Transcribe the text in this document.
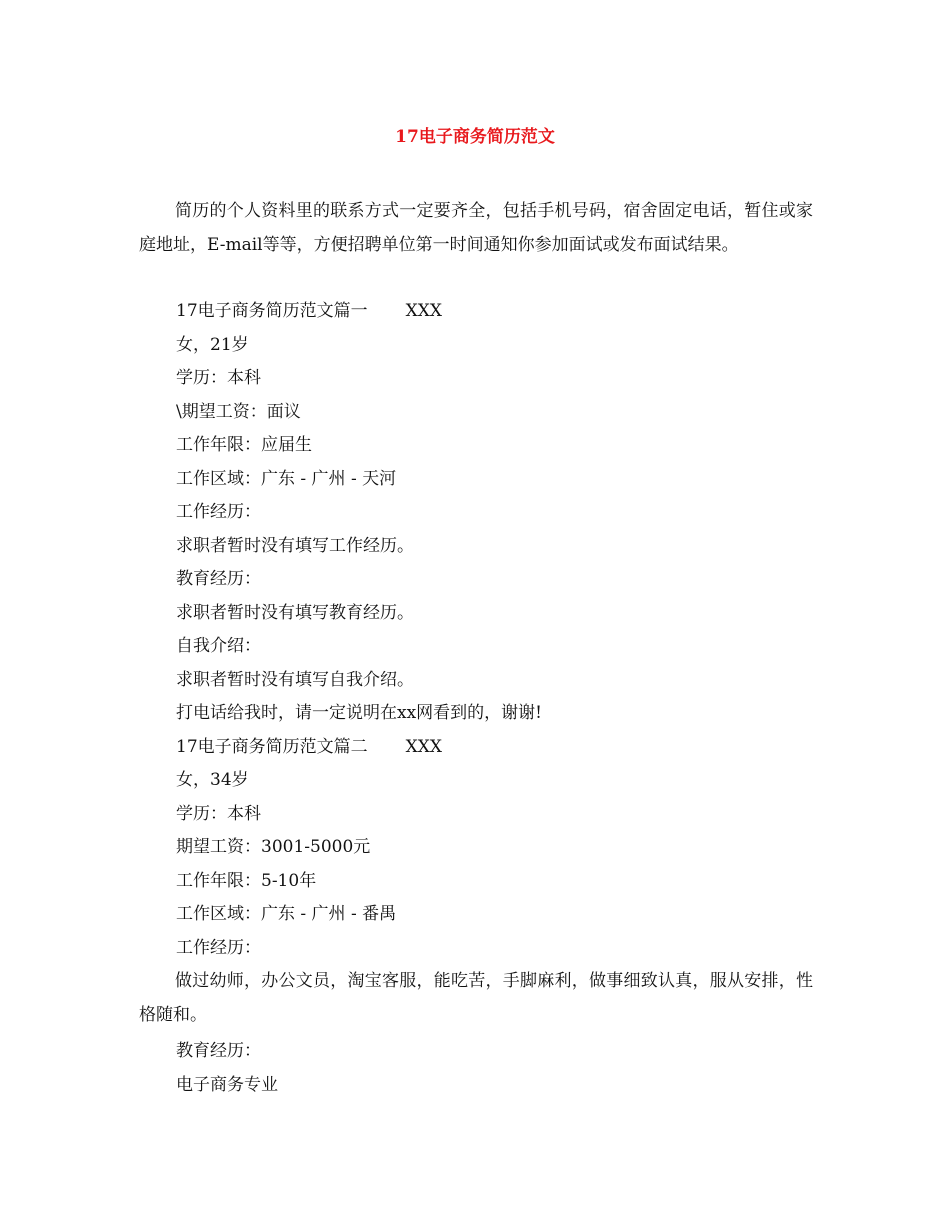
17电子商务简历范文

简历的个人资料里的联系方式一定要齐全，包括手机号码，宿舍固定电话，暂住或家庭地址，E-mail等等，方便招聘单位第一时间通知你参加面试或发布面试结果。

17电子商务简历范文篇一 XXX
女，21岁
学历：本科
\期望工资：面议
工作年限：应届生
工作区域：广东 - 广州 - 天河
工作经历：
求职者暂时没有填写工作经历。
教育经历：
求职者暂时没有填写教育经历。
自我介绍：
求职者暂时没有填写自我介绍。
打电话给我时，请一定说明在xx网看到的，谢谢!
17电子商务简历范文篇二 XXX
女，34岁
学历：本科
期望工资：3001-5000元
工作年限：5-10年
工作区域：广东 - 广州 - 番禺
工作经历：

做过幼师，办公文员，淘宝客服，能吃苦，手脚麻利，做事细致认真，服从安排，性格随和。

教育经历：
电子商务专业
